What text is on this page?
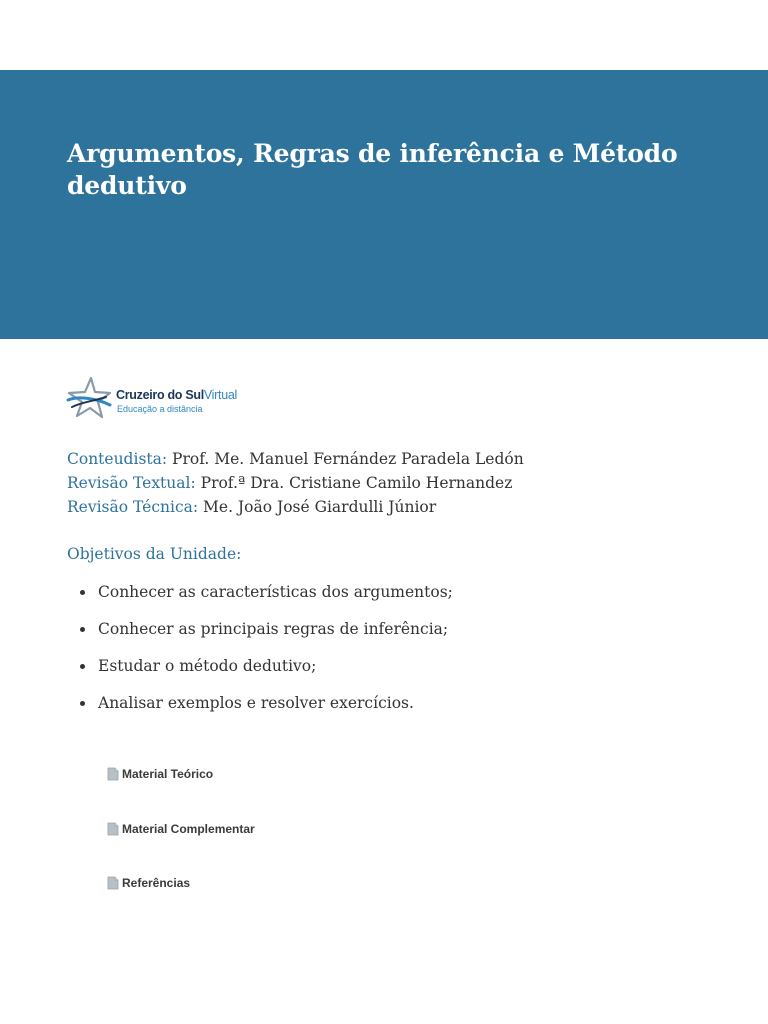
Argumentos, Regras de inferência e Método dedutivo
Cruzeiro do SulVirtual
Educação a distância
Conteudista: Prof. Me. Manuel Fernández Paradela Ledón
Revisão Textual: Prof.ª Dra. Cristiane Camilo Hernandez
Revisão Técnica: Me. João José Giardulli Júnior
Objetivos da Unidade:
Conhecer as características dos argumentos;
Conhecer as principais regras de inferência;
Estudar o método dedutivo;
Analisar exemplos e resolver exercícios.
Material Teórico
Material Complementar
Referências
